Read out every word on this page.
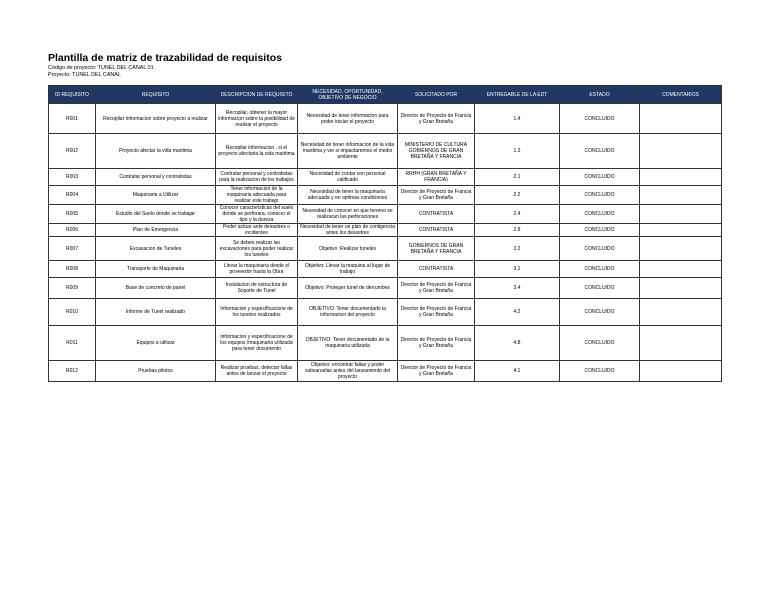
Plantilla de matriz de trazabilidad de requisitos
Código de proyecto: TUNEL DEL CANAL 01
Proyecto: TUNEL DEL CANAL
ID REQUISITO	REQUISITO	DESCRIPCION DE REQUISITO	NECESIDAD, OPORTUNIDAD, OBJETIVO DE NEGOCIO	SOLICITADO POR	ENTREGABLE DE LA EDT	ESTADO	COMENTARIOS
R001	Recopilar informacion sobre proyecto a realizar	Recopilar, obtener la mayor informacion sobre la posibilidad de realizar el proyecto	Necesidad de tener informacion para poder iniciar el proyecto	Director de Proyecto de Francia y Gran Bretaña	1.4	CONCLUIDO	
R002	Proyecto afectar la vida maritima	Recopilar informacion , si el proyecto afectaria la vida maritima	Necesidad de tener informacion de la vida maritima y ver si impactaremos el medio ambiente	MINISTERIO DE CULTURA GOBIERNOS DE GRAN BRETAÑA Y FRANCIA	1.3	CONCLUIDO	
R003	Contratar personal y contratistas	Contratar personal y contratistas para la realizacion de los trabajos	Necesidad de contar con personal calificado	RRHH (GRAN BRETAÑA Y FRANCIA)	2.1	CONCLUIDO	
R004	Maquinaria a Utilizar	Tener informacion de la maquinaria adecuada para realizar este trabajo	Necesidad de tener la maquinaria adecuada y en optimas condiciones	Director de Proyecto de Francia y Gran Bretaña	2.2	CONCLUIDO	
R005	Estudio del Suelo donde se trabajar	Conocer caracteristicas del suelo donde se perforara, conocer el tipo y la dureza	Necesidad de conocer en que terreno se realizaran las perforaciones	CONTRATISTA	2.4	CONCLUIDO	
R006	Plan de Emergencia	Poder actuar ante desastres o incidentes	Necesidad de tener un plan de contigencia antes los desastres	CONTRATISTA	2.8	CONCLUIDO	
R007	Excavacion de Tuneles	Se deben realizar las excavaciones para poder realizar los tuneles	Objetivo :Realizar tuneles	GOBIERNOS DE GRAN BRETAÑA Y FRANCIA	3.2	CONCLUIDO	
R008	Transporte de Maquinaria	Llevar la maquinaria desde el proveedor hasta la Obra	Objetivo: Llevar la maquina al lugar de trabajo	CONTRATISTA	3.1	CONCLUIDO	
R009	Base de concreto de panel	Instalacion de estructura de Soporte de Tunel	Objetivo: Proteger tunel de derrumbes	Director de Proyecto de Francia y Gran Bretaña	3.4	CONCLUIDO	
R010	Informe de Tunel realizado	Informacion y especificacione de los tuneles realizados	OBJETIVO: Tener documentado la informacion del proyecto	Director de Proyecto de Francia y Gran Bretaña	4.2	CONCLUIDO	
R011	Equipos a utilizar	Informacion y especificacione de los equipos /maquinaria utilizada para tener documento	OBJETIVO: Tener documentado de la maquinaria utilizada	Director de Proyecto de Francia y Gran Bretaña	4.8	CONCLUIDO	
R012	Pruebas pilotos	Realizar pruebas, detectar fallas antes de lanzar el proyecto	Objetivo: encontrar fallas y poder subsanarlas antes del lanzamiento del proyecto	Director de Proyecto de Francia y Gran Bretaña	4.1	CONCLUIDO	
